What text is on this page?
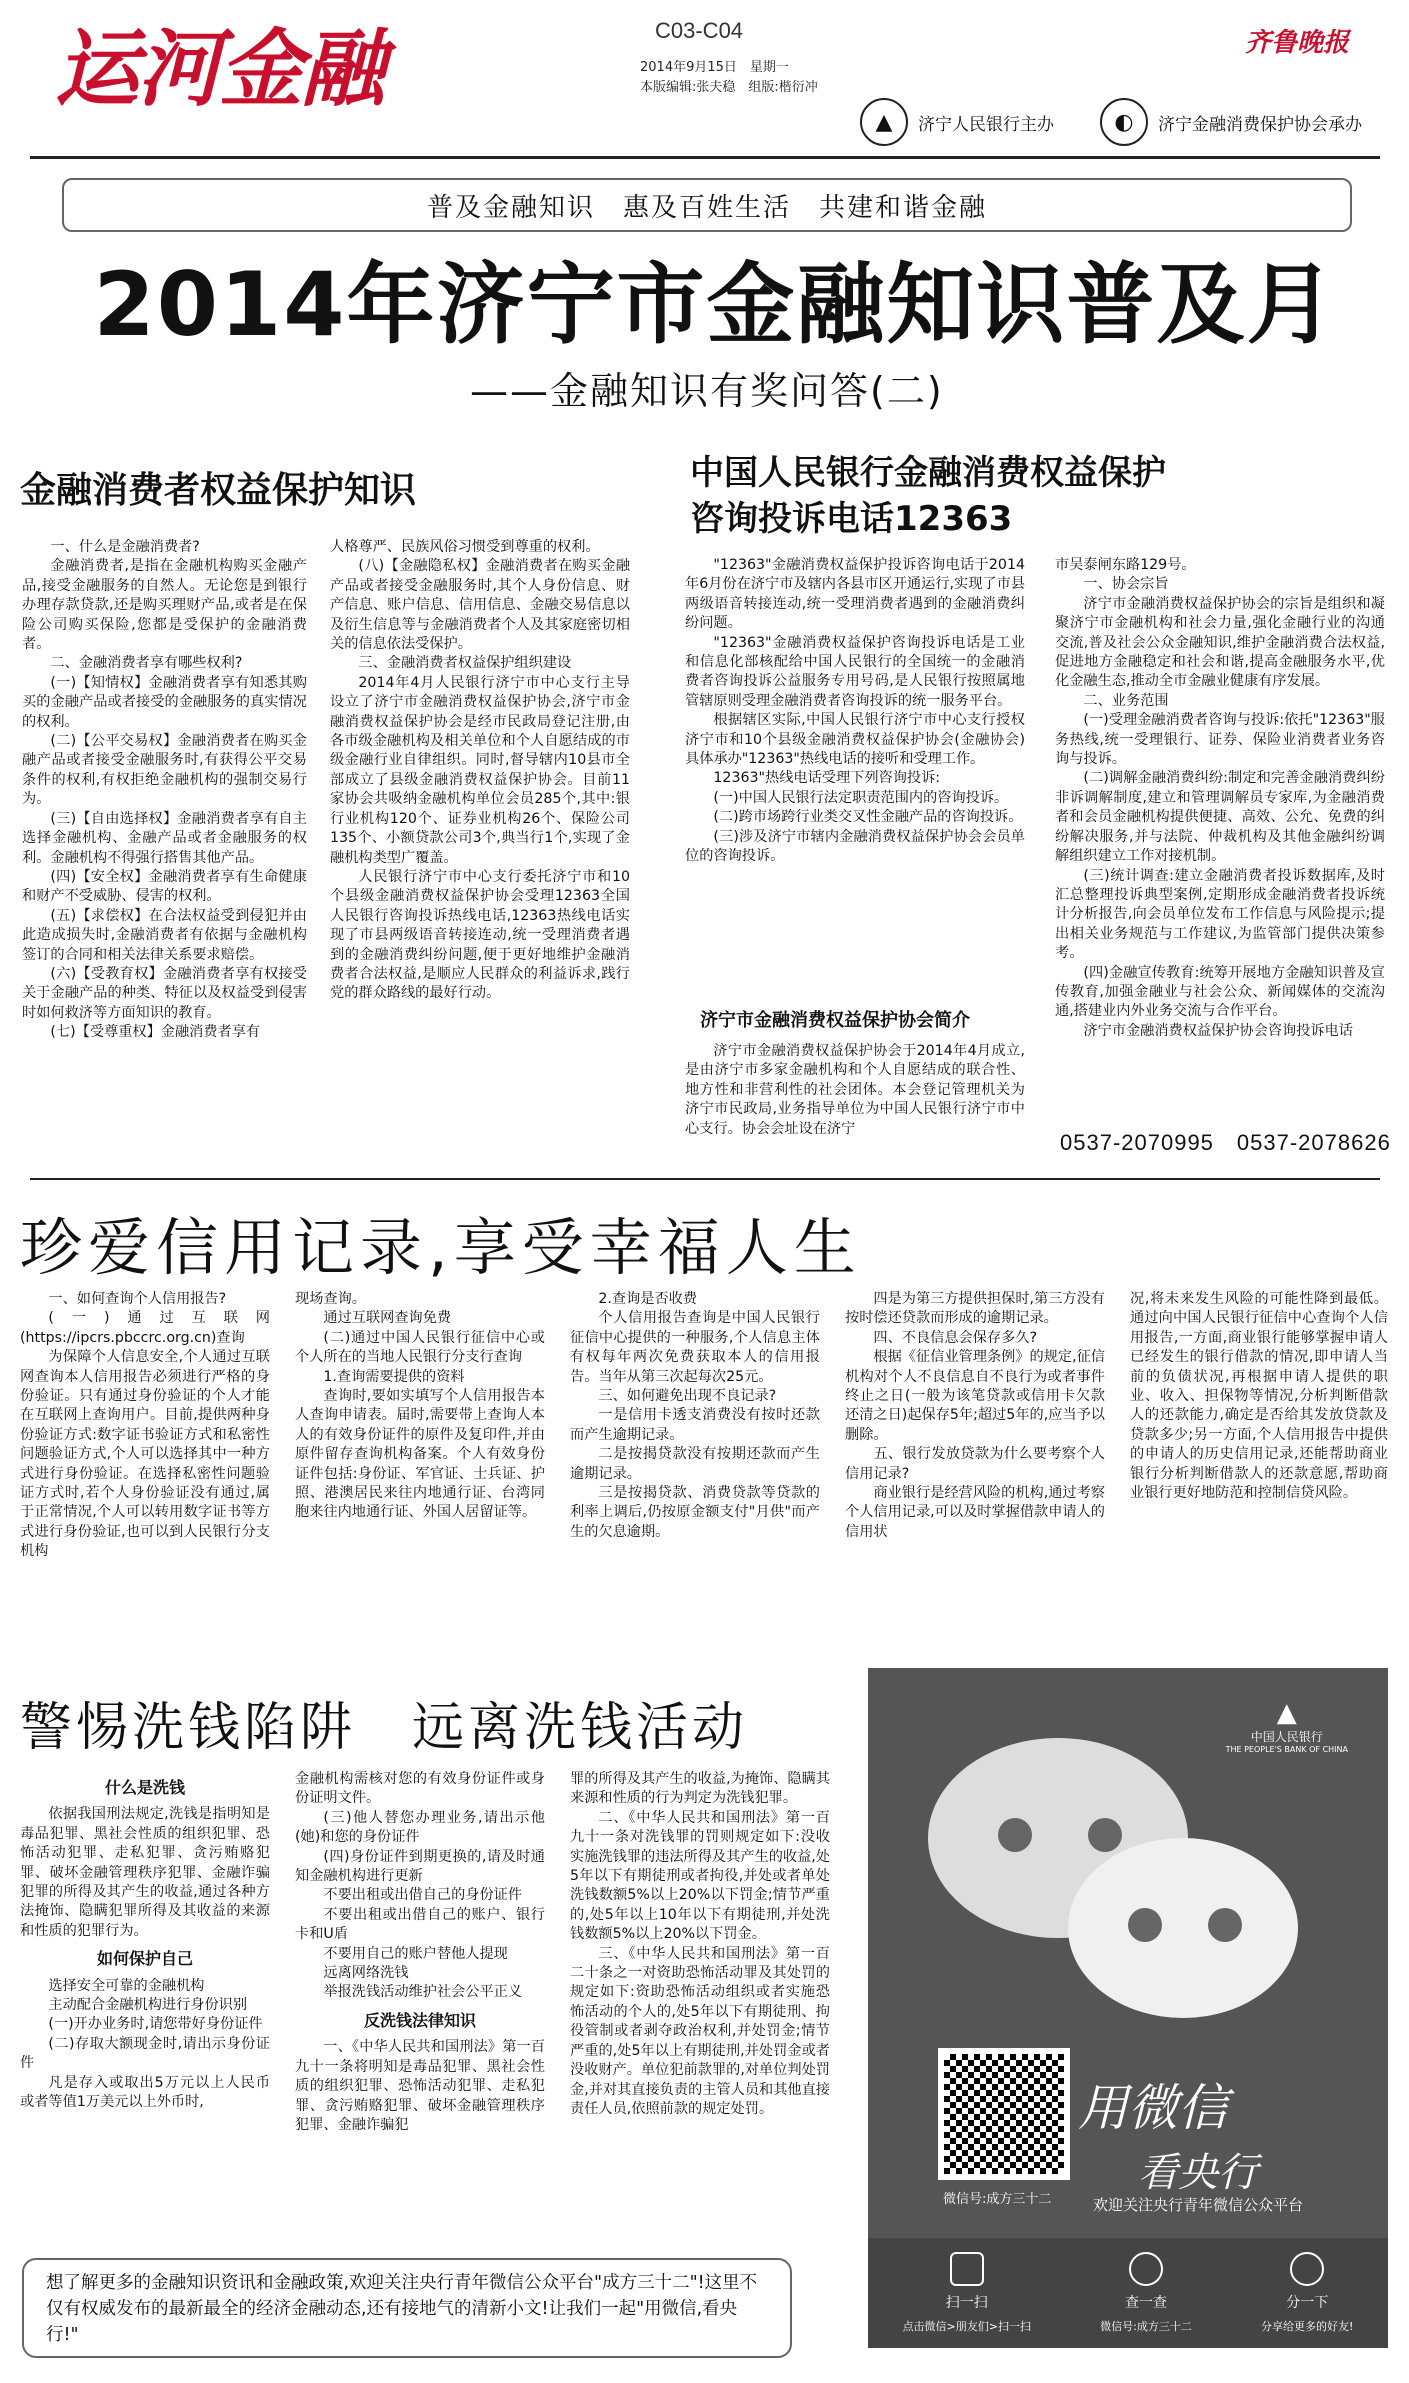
运河金融	C03-C04
2014年9月15日　星期一
本版编辑:张夫稳　组版:楷衍冲
齐鲁晚报
▲	济宁人民银行主办	◐	济宁金融消费保护协会承办
普及金融知识　惠及百姓生活　共建和谐金融
2014年济宁市金融知识普及月
——金融知识有奖问答(二)
金融消费者权益保护知识

一、什么是金融消费者?

金融消费者,是指在金融机构购买金融产品,接受金融服务的自然人。无论您是到银行办理存款贷款,还是购买理财产品,或者是在保险公司购买保险,您都是受保护的金融消费者。

二、金融消费者享有哪些权利?

(一)【知情权】金融消费者享有知悉其购买的金融产品或者接受的金融服务的真实情况的权利。

(二)【公平交易权】金融消费者在购买金融产品或者接受金融服务时,有获得公平交易条件的权利,有权拒绝金融机构的强制交易行为。

(三)【自由选择权】金融消费者享有自主选择金融机构、金融产品或者金融服务的权利。金融机构不得强行搭售其他产品。

(四)【安全权】金融消费者享有生命健康和财产不受威胁、侵害的权利。

(五)【求偿权】在合法权益受到侵犯并由此造成损失时,金融消费者有依据与金融机构签订的合同和相关法律关系要求赔偿。

(六)【受教育权】金融消费者享有权接受关于金融产品的种类、特征以及权益受到侵害时如何救济等方面知识的教育。

(七)【受尊重权】金融消费者享有

人格尊严、民族风俗习惯受到尊重的权利。

(八)【金融隐私权】金融消费者在购买金融产品或者接受金融服务时,其个人身份信息、财产信息、账户信息、信用信息、金融交易信息以及衍生信息等与金融消费者个人及其家庭密切相关的信息依法受保护。

三、金融消费者权益保护组织建设

2014年4月人民银行济宁市中心支行主导设立了济宁市金融消费权益保护协会,济宁市金融消费权益保护协会是经市民政局登记注册,由各市级金融机构及相关单位和个人自愿结成的市级金融行业自律组织。同时,督导辖内10县市全部成立了县级金融消费权益保护协会。目前11家协会共吸纳金融机构单位会员285个,其中:银行业机构120个、证券业机构26个、保险公司135个、小额贷款公司3个,典当行1个,实现了金融机构类型广覆盖。

人民银行济宁市中心支行委托济宁市和10个县级金融消费权益保护协会受理12363全国人民银行咨询投诉热线电话,12363热线电话实现了市县两级语音转接连动,统一受理消费者遇到的金融消费纠纷问题,便于更好地维护金融消费者合法权益,是顺应人民群众的利益诉求,践行党的群众路线的最好行动。

中国人民银行金融消费权益保护
咨询投诉电话12363

"12363"金融消费权益保护投诉咨询电话于2014年6月份在济宁市及辖内各县市区开通运行,实现了市县两级语音转接连动,统一受理消费者遇到的金融消费纠纷问题。

"12363"金融消费权益保护咨询投诉电话是工业和信息化部核配给中国人民银行的全国统一的金融消费者咨询投诉公益服务专用号码,是人民银行按照属地管辖原则受理金融消费者咨询投诉的统一服务平台。

根据辖区实际,中国人民银行济宁市中心支行授权济宁市和10个县级金融消费权益保护协会(金融协会)具体承办"12363"热线电话的接听和受理工作。

12363"热线电话受理下列咨询投诉:

(一)中国人民银行法定职责范围内的咨询投诉。

(二)跨市场跨行业类交叉性金融产品的咨询投诉。

(三)涉及济宁市辖内金融消费权益保护协会会员单位的咨询投诉。

济宁市金融消费权益保护协会简介

济宁市金融消费权益保护协会于2014年4月成立,是由济宁市多家金融机构和个人自愿结成的联合性、地方性和非营利性的社会团体。本会登记管理机关为济宁市民政局,业务指导单位为中国人民银行济宁市中心支行。协会会址设在济宁

市吴泰闸东路129号。

一、协会宗旨

济宁市金融消费权益保护协会的宗旨是组织和凝聚济宁市金融机构和社会力量,强化金融行业的沟通交流,普及社会公众金融知识,维护金融消费合法权益,促进地方金融稳定和社会和谐,提高金融服务水平,优化金融生态,推动全市金融业健康有序发展。

二、业务范围

(一)受理金融消费者咨询与投诉:依托"12363"服务热线,统一受理银行、证券、保险业消费者业务咨询与投诉。

(二)调解金融消费纠纷:制定和完善金融消费纠纷非诉调解制度,建立和管理调解员专家库,为金融消费者和会员金融机构提供便捷、高效、公允、免费的纠纷解决服务,并与法院、仲裁机构及其他金融纠纷调解组织建立工作对接机制。

(三)统计调查:建立金融消费者投诉数据库,及时汇总整理投诉典型案例,定期形成金融消费者投诉统计分析报告,向会员单位发布工作信息与风险提示;提出相关业务规范与工作建议,为监管部门提供决策参考。

(四)金融宣传教育:统筹开展地方金融知识普及宣传教育,加强金融业与社会公众、新闻媒体的交流沟通,搭建业内外业务交流与合作平台。

济宁市金融消费权益保护协会咨询投诉电话

0537-2070995　0537-2078626
珍爱信用记录,享受幸福人生

一、如何查询个人信用报告?

(一)通过互联网(https://ipcrs.pbccrc.org.cn)查询

为保障个人信息安全,个人通过互联网查询本人信用报告必须进行严格的身份验证。只有通过身份验证的个人才能在互联网上查询用户。目前,提供两种身份验证方式:数字证书验证方式和私密性问题验证方式,个人可以选择其中一种方式进行身份验证。在选择私密性问题验证方式时,若个人身份验证没有通过,属于正常情况,个人可以转用数字证书等方式进行身份验证,也可以到人民银行分支机构

现场查询。

通过互联网查询免费

(二)通过中国人民银行征信中心或个人所在的当地人民银行分支行查询

1.查询需要提供的资料

查询时,要如实填写个人信用报告本人查询申请表。届时,需要带上查询人本人的有效身份证件的原件及复印件,并由原件留存查询机构备案。个人有效身份证件包括:身份证、军官证、士兵证、护照、港澳居民来往内地通行证、台湾同胞来往内地通行证、外国人居留证等。

2.查询是否收费

个人信用报告查询是中国人民银行征信中心提供的一种服务,个人信息主体有权每年两次免费获取本人的信用报告。当年从第三次起每次25元。

三、如何避免出现不良记录?

一是信用卡透支消费没有按时还款而产生逾期记录。

二是按揭贷款没有按期还款而产生逾期记录。

三是按揭贷款、消费贷款等贷款的利率上调后,仍按原金额支付"月供"而产生的欠息逾期。

四是为第三方提供担保时,第三方没有按时偿还贷款而形成的逾期记录。

四、不良信息会保存多久?

根据《征信业管理条例》的规定,征信机构对个人不良信息自不良行为或者事件终止之日(一般为该笔贷款或信用卡欠款还清之日)起保存5年;超过5年的,应当予以删除。

五、银行发放贷款为什么要考察个人信用记录?

商业银行是经营风险的机构,通过考察个人信用记录,可以及时掌握借款申请人的信用状

况,将未来发生风险的可能性降到最低。通过向中国人民银行征信中心查询个人信用报告,一方面,商业银行能够掌握申请人已经发生的银行借款的情况,即申请人当前的负债状况,再根据申请人提供的职业、收入、担保物等情况,分析判断借款人的还款能力,确定是否给其发放贷款及贷款多少;另一方面,个人信用报告中提供的申请人的历史信用记录,还能帮助商业银行分析判断借款人的还款意愿,帮助商业银行更好地防范和控制信贷风险。

警惕洗钱陷阱　远离洗钱活动
什么是洗钱

依据我国刑法规定,洗钱是指明知是毒品犯罪、黑社会性质的组织犯罪、恐怖活动犯罪、走私犯罪、贪污贿赂犯罪、破坏金融管理秩序犯罪、金融诈骗犯罪的所得及其产生的收益,通过各种方法掩饰、隐瞒犯罪所得及其收益的来源和性质的犯罪行为。

如何保护自己

选择安全可靠的金融机构

主动配合金融机构进行身份识别

(一)开办业务时,请您带好身份证件

(二)存取大额现金时,请出示身份证件

凡是存入或取出5万元以上人民币或者等值1万美元以上外币时,

金融机构需核对您的有效身份证件或身份证明文件。

(三)他人替您办理业务,请出示他(她)和您的身份证件

(四)身份证件到期更换的,请及时通知金融机构进行更新

不要出租或出借自己的身份证件

不要出租或出借自己的账户、银行卡和U盾

不要用自己的账户替他人提现

远离网络洗钱

举报洗钱活动维护社会公平正义

反洗钱法律知识

一、《中华人民共和国刑法》第一百九十一条将明知是毒品犯罪、黑社会性质的组织犯罪、恐怖活动犯罪、走私犯罪、贪污贿赂犯罪、破坏金融管理秩序犯罪、金融诈骗犯

罪的所得及其产生的收益,为掩饰、隐瞒其来源和性质的行为判定为洗钱犯罪。

二、《中华人民共和国刑法》第一百九十一条对洗钱罪的罚则规定如下:没收实施洗钱罪的违法所得及其产生的收益,处5年以下有期徒刑或者拘役,并处或者单处洗钱数额5%以上20%以下罚金;情节严重的,处5年以上10年以下有期徒刑,并处洗钱数额5%以上20%以下罚金。

三、《中华人民共和国刑法》第一百二十条之一对资助恐怖活动罪及其处罚的规定如下:资助恐怖活动组织或者实施恐怖活动的个人的,处5年以下有期徒刑、拘役管制或者剥夺政治权利,并处罚金;情节严重的,处5年以上有期徒刑,并处罚金或者没收财产。单位犯前款罪的,对单位判处罚金,并对其直接负责的主管人员和其他直接责任人员,依照前款的规定处罚。

▲
中国人民银行
THE PEOPLE'S BANK OF CHINA
用微信
看央行
欢迎关注央行青年微信公众平台
微信号:成方三十二
扫一扫
点击微信>朋友们>扫一扫
查一查
微信号:成方三十二
分一下
分享给更多的好友!
想了解更多的金融知识资讯和金融政策,欢迎关注央行青年微信公众平台"成方三十二"!这里不仅有权威发布的最新最全的经济金融动态,还有接地气的清新小文!让我们一起"用微信,看央行!"
